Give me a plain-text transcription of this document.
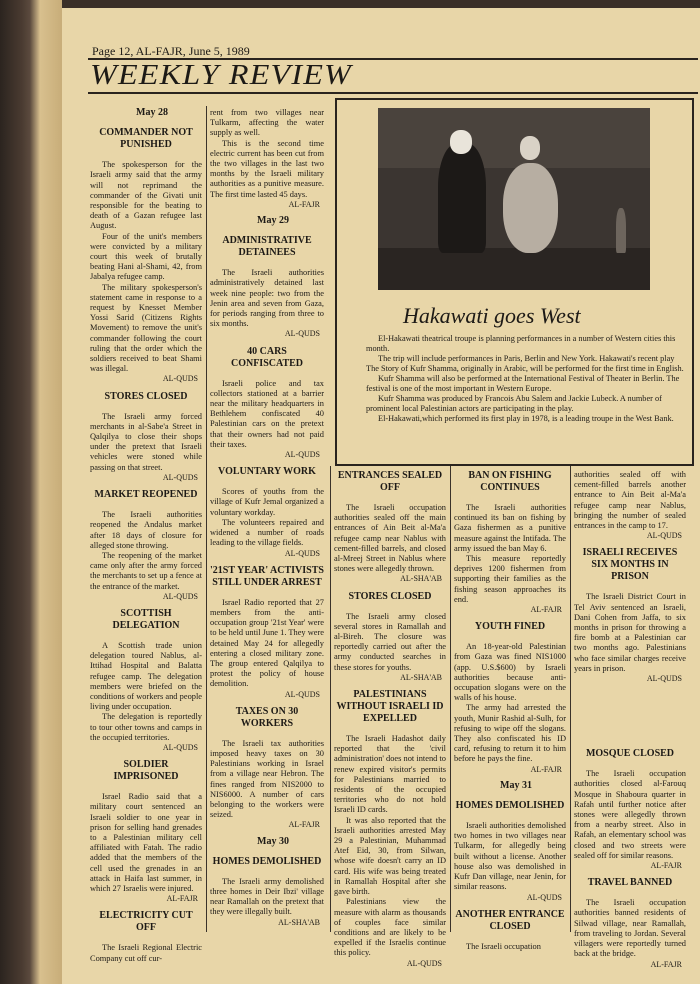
Page 12, AL-FAJR, June 5, 1989
WEEKLY REVIEW

May 28

COMMANDER NOT PUNISHED

The spokesperson for the Israeli army said that the army will not reprimand the commander of the Givati unit responsible for the beating to death of a Gazan refugee last August.

Four of the unit's members were convicted by a military court this week of brutally beating Hani al-Shami, 42, from Jabalya refugee camp.

The military spokesperson's statement came in response to a request by Knesset Member Yossi Sarid (Citizens Rights Movement) to remove the unit's commander following the court ruling that the order which the soldiers received to beat Shami was illegal.

AL-QUDS

STORES CLOSED

The Israeli army forced merchants in al-Sabe'a Street in Qalqilya to close their shops under the pretext that Israeli vehicles were stoned while passing on that street.

AL-QUDS

MARKET REOPENED

The Israeli authorities reopened the Andalus market after 18 days of closure for alleged stone throwing.

The reopening of the market came only after the army forced the merchants to set up a fence at the entrance of the market.

AL-QUDS

SCOTTISH DELEGATION

A Scottish trade union delegation toured Nablus, al-Ittihad Hospital and Balatta refugee camp. The delegation members were briefed on the conditions of workers and people living under occupation.

The delegation is reportedly to tour other towns and camps in the occupied territories.

AL-QUDS

SOLDIER IMPRISONED

Israel Radio said that a military court sentenced an Israeli soldier to one year in prison for selling hand grenades to a Palestinian military cell affiliated with Fatah. The radio added that the members of the cell used the grenades in an attack in Haifa last summer, in which 27 Israelis were injured.

AL-FAJR

ELECTRICITY CUT OFF

The Israeli Regional Electric Company cut off cur-

rent from two villages near Tulkarm, affecting the water supply as well.

This is the second time electric current has been cut from the two villages in the last two months by the Israeli military authorities as a punitive measure. The first time lasted 45 days.

AL-FAJR

May 29

ADMINISTRATIVE DETAINEES

The Israeli authorities administratively detained last week nine people: two from the Jenin area and seven from Gaza, for periods ranging from three to six months.

AL-QUDS

40 CARS CONFISCATED

Israeli police and tax collectors stationed at a barrier near the military headquarters in Bethlehem confiscated 40 Palestinian cars on the pretext that their owners had not paid their taxes.

AL-QUDS

VOLUNTARY WORK

Scores of youths from the village of Kufr Jemal organized a voluntary workday.

The volunteers repaired and widened a number of roads leading to the village fields.

AL-QUDS

'21ST YEAR' ACTIVISTS STILL UNDER ARREST

Israel Radio reported that 27 members from the anti-occupation group '21st Year' were to be held until June 1. They were detained May 24 for allegedly entering a closed military zone. The group entered Qalqilya to protest the policy of house demolition.

AL-QUDS

TAXES ON 30 WORKERS

The Israeli tax authorities imposed heavy taxes on 30 Palestinians working in Israel from a village near Hebron. The fines ranged from NIS2000 to NIS6000. A number of cars belonging to the workers were seized.

AL-FAJR

May 30

HOMES DEMOLISHED

The Israeli army demolished three homes in Deir Ibzi' village near Ramallah on the pretext that they were illegally built.

AL-SHA'AB

Hakawati goes West

El-Hakawati theatrical troupe is planning performances in a number of Western cities this month.

The trip will include performances in Paris, Berlin and New York. Hakawati's recent play The Story of Kufr Shamma, originally in Arabic, will be performed for the first time in English.

Kufr Shamma will also be performed at the International Festival of Theater in Berlin. The festival is one of the most important in Western Europe.

Kufr Shamma was produced by Francois Abu Salem and Jackie Lubeck. A number of prominent local Palestinian actors are participating in the play.

El-Hakawati,which performed its first play in 1978, is a leading troupe in the West Bank.

ENTRANCES SEALED OFF

The Israeli occupation authorities sealed off the main entrances of Ain Beit al-Ma'a refugee camp near Nablus with cement-filled barrels, and closed al-Mreej Street in Nablus where stones were allegedly thrown.

AL-SHA'AB

STORES CLOSED

The Israeli army closed several stores in Ramallah and al-Bireh. The closure was reportedly carried out after the army conducted searches in these stores for youths.

AL-SHA'AB

PALESTINIANS WITHOUT ISRAELI ID EXPELLED

The Israeli Hadashot daily reported that the 'civil administration' does not intend to renew expired visitor's permits for Palestinians married to residents of the occupied territories who do not hold Israeli ID cards.

It was also reported that the Israeli authorities arrested May 29 a Palestinian, Muhammad Atef Eid, 30, from Silwan, whose wife doesn't carry an ID card. His wife was being treated in Ramallah Hospital after she gave birth.

Palestinians view the measure with alarm as thousands of couples face similar conditions and are likely to be expelled if the Israelis continue this policy.

AL-QUDS

BAN ON FISHING CONTINUES

The Israeli authorities continued its ban on fishing by Gaza fishermen as a punitive measure against the Intifada. The army issued the ban May 6.

This measure reportedly deprives 1200 fishermen from supporting their families as the fishing season approaches its end.

AL-FAJR

YOUTH FINED

An 18-year-old Palestinian from Gaza was fined NIS1000 (app. U.S.$600) by Israeli authorities because anti-occupation slogans were on the walls of his house.

The army had arrested the youth, Munir Rashid al-Sulh, for refusing to wipe off the slogans. They also confiscated his ID card, refusing to return it to him before he pays the fine.

AL-FAJR

May 31

HOMES DEMOLISHED

Israeli authorities demolished two homes in two villages near Tulkarm, for allegedly being built without a license. Another house also was demolished in Kufr Dan village, near Jenin, for similar reasons.

AL-QUDS

ANOTHER ENTRANCE CLOSED

The Israeli occupation

authorities sealed off with cement-filled barrels another entrance to Ain Beit al-Ma'a refugee camp near Nablus, bringing the number of sealed entrances in the camp to 17.

AL-QUDS

ISRAELI RECEIVES SIX MONTHS IN PRISON

The Israeli District Court in Tel Aviv sentenced an Israeli, Dani Cohen from Jaffa, to six months in prison for throwing a fire bomb at a Palestinian car two months ago. Palestinians who face similar charges receive years in prison.

AL-QUDS

MOSQUE CLOSED

The Israeli occupation authorities closed al-Farouq Mosque in Shaboura quarter in Rafah until further notice after stones were allegedly thrown from a nearby street. Also in Rafah, an elementary school was closed and two streets were sealed off for similar reasons.

AL-FAJR

TRAVEL BANNED

The Israeli occupation authorities banned residents of Silwad village, near Ramallah, from traveling to Jordan. Several villagers were reportedly turned back at the bridge.

AL-FAJR
